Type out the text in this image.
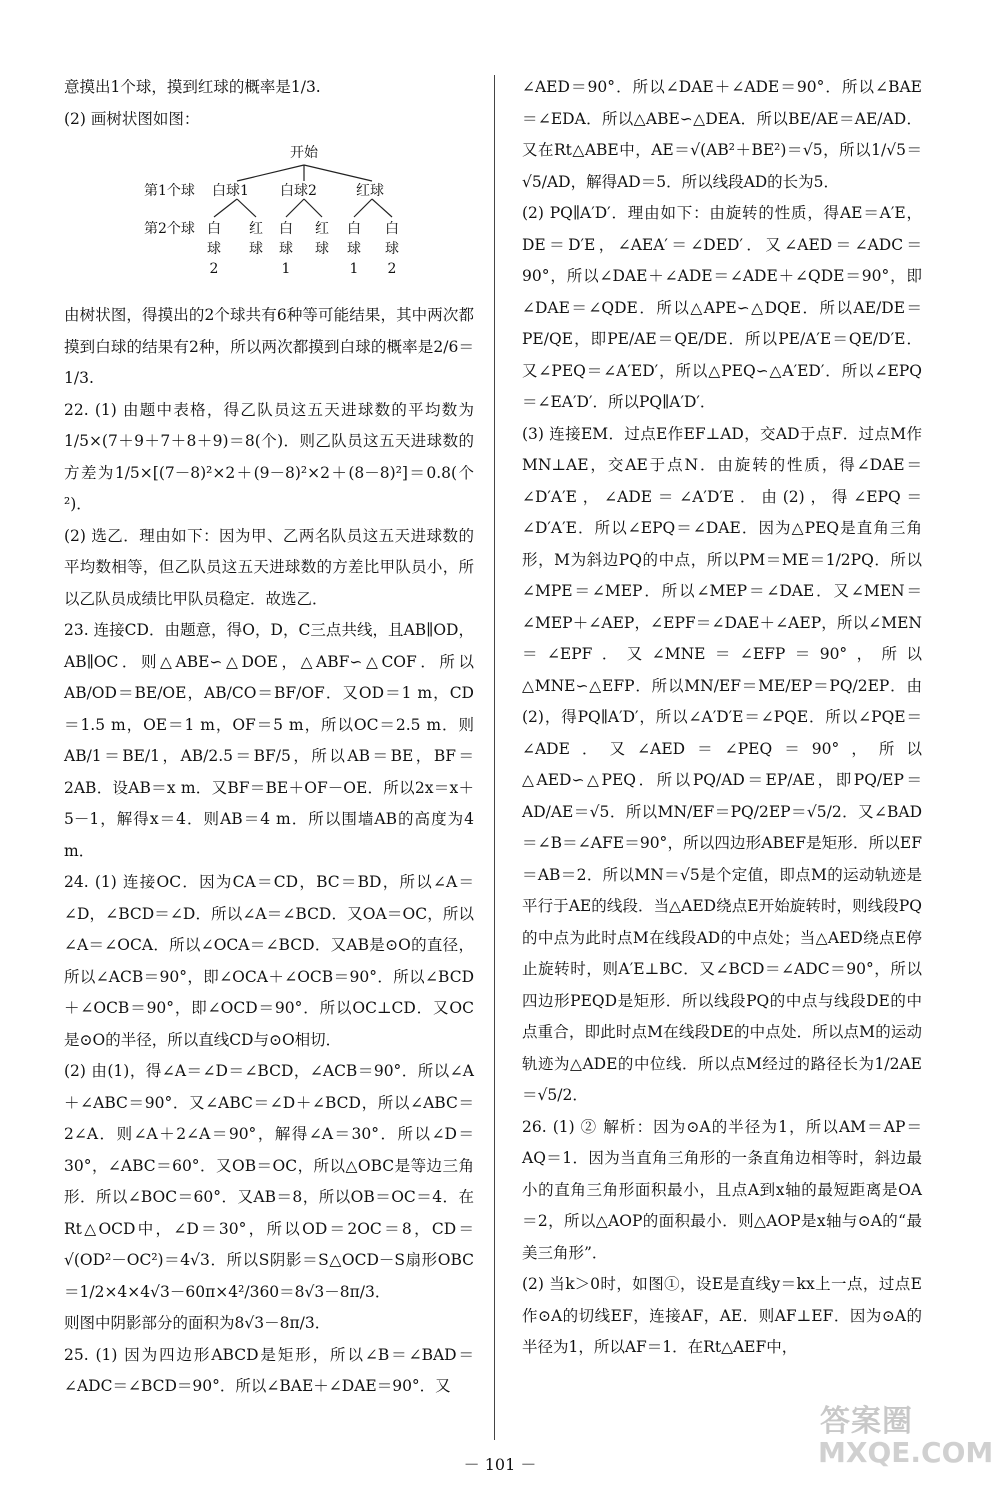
意摸出1个球，摸到红球的概率是1/3.

(2) 画树状图如图：

开始
第1个球 白球1 白球2	红球
第2个球 白球2
红球
白球1
红球
白球1
白球2

由树状图，得摸出的2个球共有6种等可能结果，其中两次都摸到白球的结果有2种，所以两次都摸到白球的概率是2/6＝1/3.

22. (1) 由题中表格，得乙队员这五天进球数的平均数为1/5×(7＋9＋7＋8＋9)＝8(个)．则乙队员这五天进球数的方差为1/5×[(7－8)²×2＋(9－8)²×2＋(8－8)²]＝0.8(个²)．

(2) 选乙．理由如下：因为甲、乙两名队员这五天进球数的平均数相等，但乙队员这五天进球数的方差比甲队员小，所以乙队员成绩比甲队员稳定．故选乙．

23. 连接CD．由题意，得O，D，C三点共线，且AB∥OD，AB∥OC．则△ABE∽△DOE，△ABF∽△COF．所以AB/OD＝BE/OE，AB/CO＝BF/OF．又OD＝1 m，CD＝1.5 m，OE＝1 m，OF＝5 m，所以OC＝2.5 m．则AB/1＝BE/1，AB/2.5＝BF/5，所以AB＝BE，BF＝2AB．设AB＝x m．又BF＝BE＋OF－OE．所以2x＝x＋5－1，解得x＝4．则AB＝4 m．所以围墙AB的高度为4 m．

24. (1) 连接OC．因为CA＝CD，BC＝BD，所以∠A＝∠D，∠BCD＝∠D．所以∠A＝∠BCD．又OA＝OC，所以∠A＝∠OCA．所以∠OCA＝∠BCD．又AB是⊙O的直径，所以∠ACB＝90°，即∠OCA＋∠OCB＝90°．所以∠BCD＋∠OCB＝90°，即∠OCD＝90°．所以OC⊥CD．又OC是⊙O的半径，所以直线CD与⊙O相切．

(2) 由(1)，得∠A＝∠D＝∠BCD，∠ACB＝90°．所以∠A＋∠ABC＝90°．又∠ABC＝∠D＋∠BCD，所以∠ABC＝2∠A．则∠A＋2∠A＝90°，解得∠A＝30°．所以∠D＝30°，∠ABC＝60°．又OB＝OC，所以△OBC是等边三角形．所以∠BOC＝60°．又AB＝8，所以OB＝OC＝4．在Rt△OCD中，∠D＝30°，所以OD＝2OC＝8，CD＝√(OD²－OC²)＝4√3．所以S阴影＝S△OCD－S扇形OBC＝1/2×4×4√3－60π×4²/360＝8√3－8π/3．

则图中阴影部分的面积为8√3－8π/3．

25. (1) 因为四边形ABCD是矩形，所以∠B＝∠BAD＝∠ADC＝∠BCD＝90°．所以∠BAE＋∠DAE＝90°．又

∠AED＝90°．所以∠DAE＋∠ADE＝90°．所以∠BAE＝∠EDA．所以△ABE∽△DEA．所以BE/AE＝AE/AD．又在Rt△ABE中，AE＝√(AB²＋BE²)＝√5，所以1/√5＝√5/AD，解得AD＝5．所以线段AD的长为5．

(2) PQ∥A′D′．理由如下：由旋转的性质，得AE＝A′E，DE＝D′E，∠AEA′＝∠DED′．又∠AED＝∠ADC＝90°，所以∠DAE＋∠ADE＝∠ADE＋∠QDE＝90°，即∠DAE＝∠QDE．所以△APE∽△DQE．所以AE/DE＝PE/QE，即PE/AE＝QE/DE．所以PE/A′E＝QE/D′E．又∠PEQ＝∠A′ED′，所以△PEQ∽△A′ED′．所以∠EPQ＝∠EA′D′．所以PQ∥A′D′．

(3) 连接EM．过点E作EF⊥AD，交AD于点F．过点M作MN⊥AE，交AE于点N．由旋转的性质，得∠DAE＝∠D′A′E，∠ADE＝∠A′D′E．由(2)，得∠EPQ＝∠D′A′E．所以∠EPQ＝∠DAE．因为△PEQ是直角三角形，M为斜边PQ的中点，所以PM＝ME＝1/2PQ．所以∠MPE＝∠MEP．所以∠MEP＝∠DAE．又∠MEN＝∠MEP＋∠AEP，∠EPF＝∠DAE＋∠AEP，所以∠MEN＝∠EPF．又∠MNE＝∠EFP＝90°，所以△MNE∽△EFP．所以MN/EF＝ME/EP＝PQ/2EP．由(2)，得PQ∥A′D′，所以∠A′D′E＝∠PQE．所以∠PQE＝∠ADE．又∠AED＝∠PEQ＝90°，所以△AED∽△PEQ．所以PQ/AD＝EP/AE，即PQ/EP＝AD/AE＝√5．所以MN/EF＝PQ/2EP＝√5/2．又∠BAD＝∠B＝∠AFE＝90°，所以四边形ABEF是矩形．所以EF＝AB＝2．所以MN＝√5是个定值，即点M的运动轨迹是平行于AE的线段．当△AED绕点E开始旋转时，则线段PQ的中点为此时点M在线段AD的中点处；当△AED绕点E停止旋转时，则A′E⊥BC．又∠BCD＝∠ADC＝90°，所以四边形PEQD是矩形．所以线段PQ的中点与线段DE的中点重合，即此时点M在线段DE的中点处．所以点M的运动轨迹为△ADE的中位线．所以点M经过的路径长为1/2AE＝√5/2．

26. (1) ② 解析：因为⊙A的半径为1，所以AM＝AP＝AQ＝1．因为当直角三角形的一条直角边相等时，斜边最小的直角三角形面积最小，且点A到x轴的最短距离是OA＝2，所以△AOP的面积最小．则△AOP是x轴与⊙A的“最美三角形”．

(2) 当k＞0时，如图①，设E是直线y＝kx上一点，过点E作⊙A的切线EF，连接AF，AE．则AF⊥EF．因为⊙A的半径为1，所以AF＝1．在Rt△AEF中，

－ 101 －
答案圈
MXQE.COM
